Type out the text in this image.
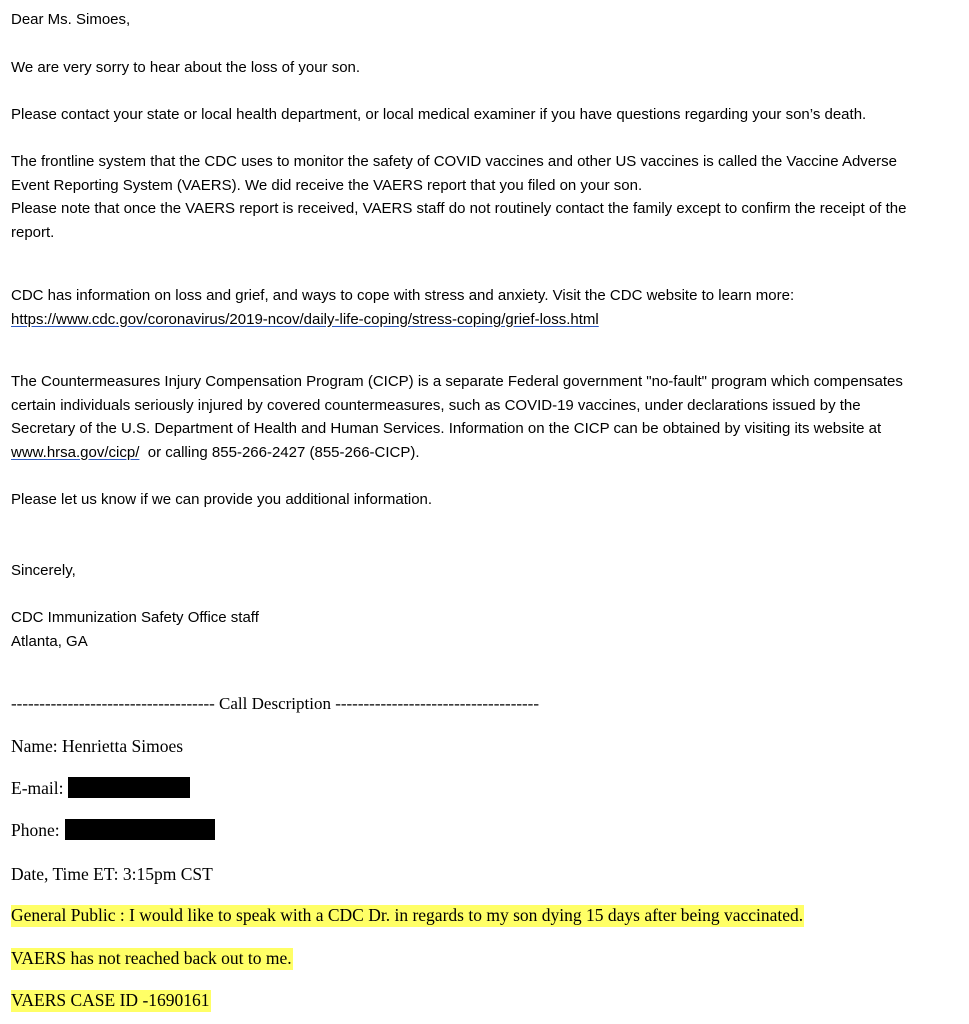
Dear Ms. Simoes,

We are very sorry to hear about the loss of your son.

Please contact your state or local health department, or local medical examiner if you have questions regarding your son’s death.

The frontline system that the CDC uses to monitor the safety of COVID vaccines and other US vaccines is called the Vaccine Adverse
Event Reporting System (VAERS). We did receive the VAERS report that you filed on your son.
Please note that once the VAERS report is received, VAERS staff do not routinely contact the family except to confirm the receipt of the
report.
CDC has information on loss and grief, and ways to cope with stress and anxiety. Visit the CDC website to learn more:
https://www.cdc.gov/coronavirus/2019-ncov/daily-life-coping/stress-coping/grief-loss.html
The Countermeasures Injury Compensation Program (CICP) is a separate Federal government "no-fault" program which compensates
certain individuals seriously injured by covered countermeasures, such as COVID-19 vaccines, under declarations issued by the
Secretary of the U.S. Department of Health and Human Services. Information on the CICP can be obtained by visiting its website at
www.hrsa.gov/cicp/  or calling 855-266-2427 (855-266-CICP).

Please let us know if we can provide you additional information.

Sincerely,

CDC Immunization Safety Office staff
Atlanta, GA
------------------------------------ Call Description ------------------------------------
Name: Henrietta Simoes
E-mail:
Phone:
Date, Time ET: 3:15pm CST
General Public : I would like to speak with a CDC Dr. in regards to my son dying 15 days after being vaccinated.
VAERS has not reached back out to me.
VAERS CASE ID -1690161
